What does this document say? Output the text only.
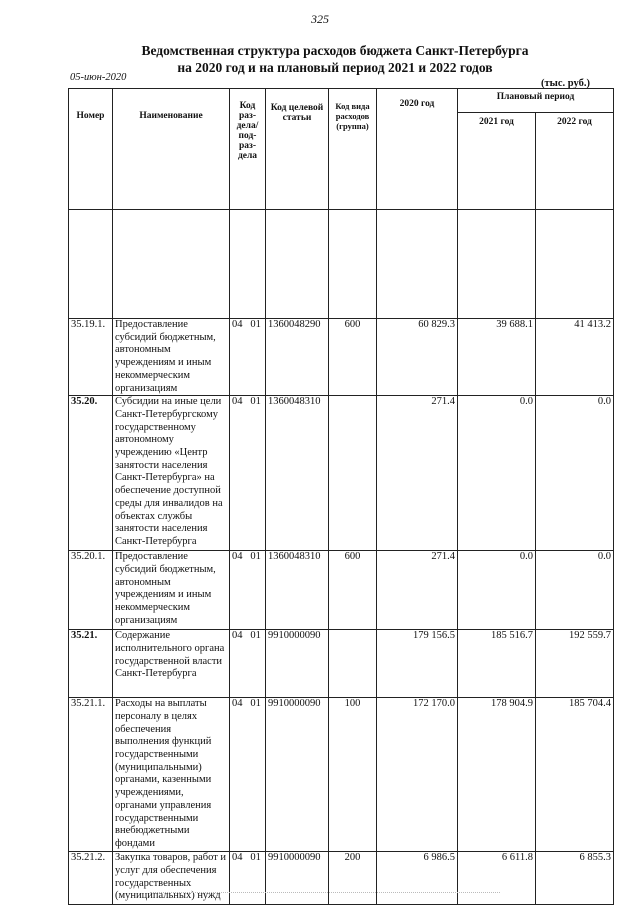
325
Ведомственная структура расходов бюджета Санкт-Петербурга
на 2020 год и на плановый период 2021 и 2022 годов
05-июн-2020
(тыс. руб.)
Номер	Наименование	Код раз- дела/ под- раз- дела	Код целевой статьи	Код вида расходов (группа)	2020 год	Плановый период	
						2021 год	2022 год

35.19.1.	Предоставление субсидий бюджетным, автономным учреждениям и иным некоммерческим организациям	04 01	1360048290	600	60 829.3	39 688.1	41 413.2
35.20.	Субсидии на иные цели Санкт-Петербургскому государственному автономному учреждению «Центр занятости населения Санкт-Петербурга» на обеспечение доступной среды для инвалидов на объектах службы занятости населения Санкт-Петербурга	04 01	1360048310		271.4	0.0	0.0
35.20.1.	Предоставление субсидий бюджетным, автономным учреждениям и иным некоммерческим организациям	04 01	1360048310	600	271.4	0.0	0.0
35.21.	Содержание исполнительного органа государственной власти Санкт-Петербурга	04 01	9910000090		179 156.5	185 516.7	192 559.7
35.21.1.	Расходы на выплаты персоналу в целях обеспечения выполнения функций государственными (муниципальными) органами, казенными учреждениями, органами управления государственными внебюджетными фондами	04 01	9910000090	100	172 170.0	178 904.9	185 704.4
35.21.2.	Закупка товаров, работ и услуг для обеспечения государственных (муниципальных) нужд	04 01	9910000090	200	6 986.5	6 611.8	6 855.3
